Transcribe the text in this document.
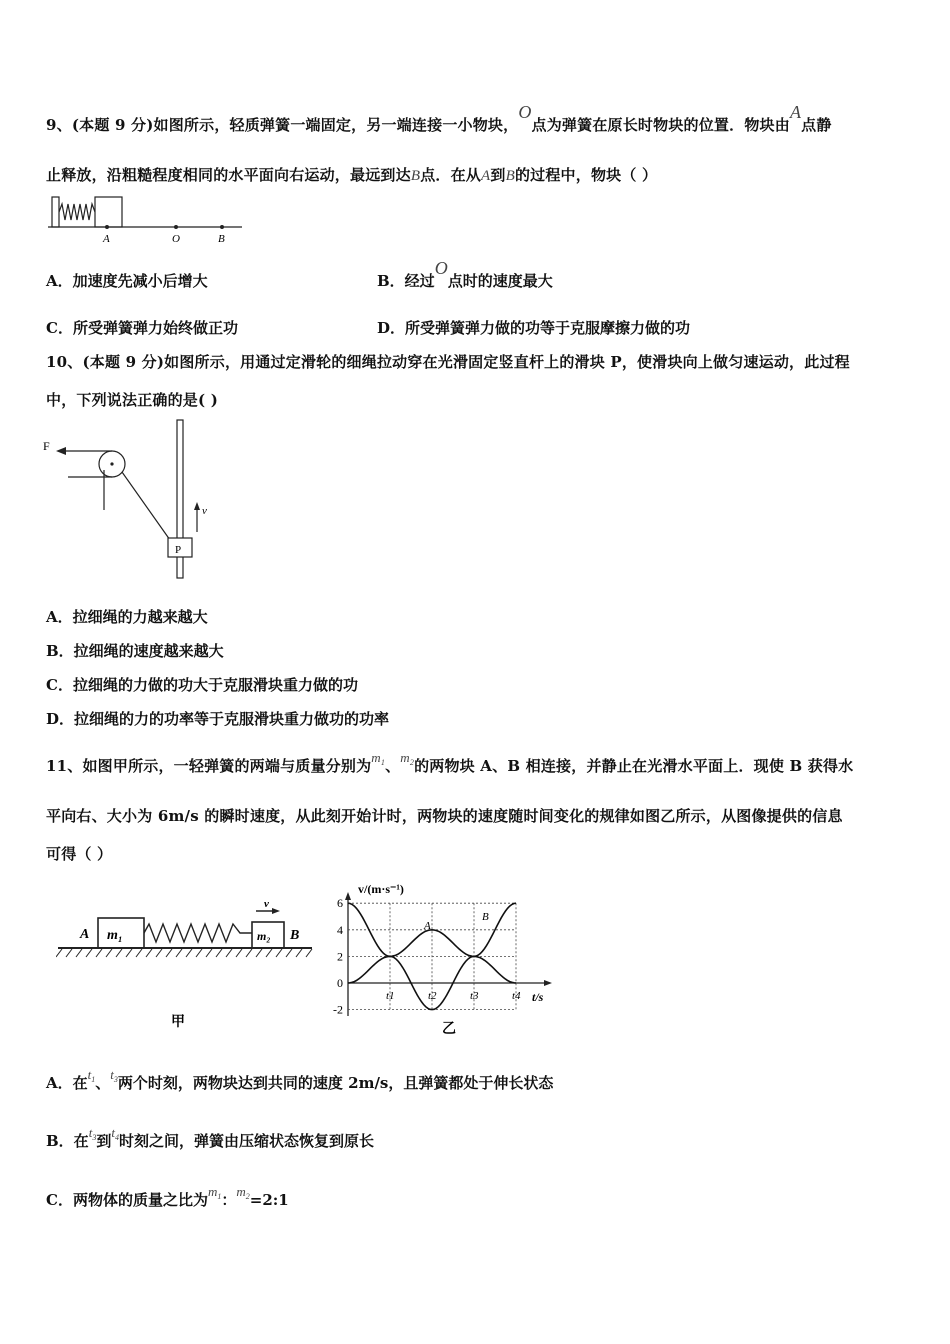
9、(本题 9 分)如图所示，轻质弹簧一端固定，另一端连接一小物块，O点为弹簧在原长时物块的位置．物块由A点静
止释放，沿粗糙程度相同的水平面向右运动，最远到达B点．在从A到B的过程中，物块（ ）
A	O	B
A．加速度先减小后增大	B．经过O点时的速度最大
C．所受弹簧弹力始终做正功	D．所受弹簧弹力做的功等于克服摩擦力做的功
10、(本题 9 分)如图所示，用通过定滑轮的细绳拉动穿在光滑固定竖直杆上的滑块 P，使滑块向上做匀速运动，此过程
中，下列说法正确的是( )
F
P
v
A．拉细绳的力越来越大
B．拉细绳的速度越来越大
C．拉细绳的力做的功大于克服滑块重力做的功
D．拉细绳的力的功率等于克服滑块重力做功的功率
11、如图甲所示，一轻弹簧的两端与质量分别为$m_1$、$m_2$的两物块 A、B 相连接，并静止在光滑水平面上．现使 B 获得水
平向右、大小为 6m/s 的瞬时速度，从此刻开始计时，两物块的速度随时间变化的规律如图乙所示，从图像提供的信息
可得（ ）
m₁
A	m₂ B
v
甲
v/(m·s⁻¹)
t/s
乙
A
B
-2
0
2
4
6
t1	t2	t3	t4
A．在$t_1$、$t_3$两个时刻，两物块达到共同的速度 2m/s，且弹簧都处于伸长状态
B．在$t_3$到$t_4$时刻之间，弹簧由压缩状态恢复到原长
C．两物体的质量之比为$m_1$：$m_2=2:1$
